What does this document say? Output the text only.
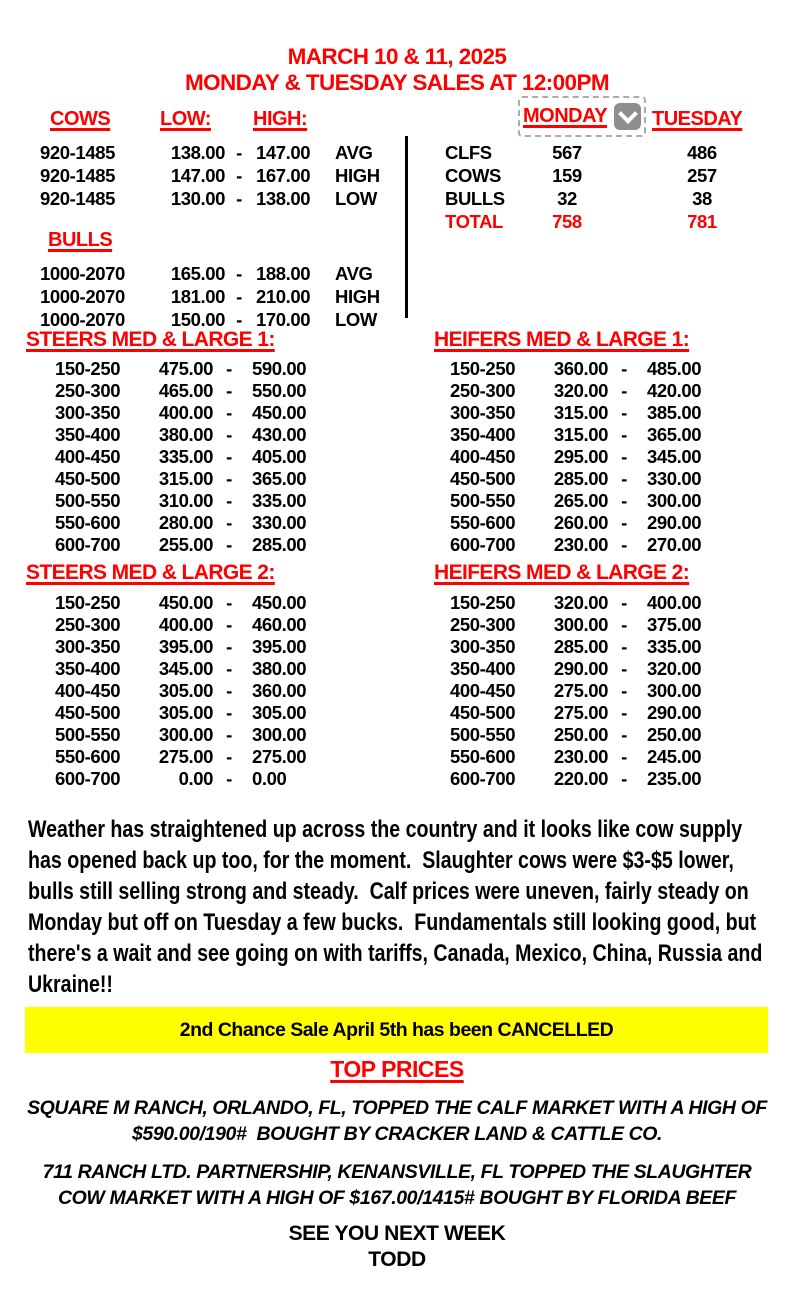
MARCH 10 & 11, 2025
MONDAY & TUESDAY SALES AT 12:00PM
COWS LOW: HIGH:	MONDAY TUESDAY
920-1485	138.00 - 147.00	AVG
920-1485	147.00 - 167.00	HIGH
920-1485	130.00 - 138.00	LOW
CLFS	567	486
COWS	159	257
BULLS	32	38
TOTAL	758	781
BULLS
1000-2070	165.00 - 188.00	AVG
1000-2070	181.00 - 210.00	HIGH
1000-2070	150.00 - 170.00	LOW
STEERS MED & LARGE 1:	HEIFERS MED & LARGE 1:
150-250	475.00 -	590.00
250-300	465.00 -	550.00
300-350	400.00 -	450.00
350-400	380.00 -	430.00
400-450	335.00 -	405.00
450-500	315.00 -	365.00
500-550	310.00 -	335.00
550-600	280.00 -	330.00
600-700	255.00 -	285.00
150-250	360.00 -	485.00
250-300	320.00 -	420.00
300-350	315.00 -	385.00
350-400	315.00 -	365.00
400-450	295.00 -	345.00
450-500	285.00 -	330.00
500-550	265.00 -	300.00
550-600	260.00 -	290.00
600-700	230.00 -	270.00
STEERS MED & LARGE 2:	HEIFERS MED & LARGE 2:
150-250	450.00 -	450.00
250-300	400.00 -	460.00
300-350	395.00 -	395.00
350-400	345.00 -	380.00
400-450	305.00 -	360.00
450-500	305.00 -	305.00
500-550	300.00 -	300.00
550-600	275.00 -	275.00
600-700	0.00 -	0.00
150-250	320.00 -	400.00
250-300	300.00 -	375.00
300-350	285.00 -	335.00
350-400	290.00 -	320.00
400-450	275.00 -	300.00
450-500	275.00 -	290.00
500-550	250.00 -	250.00
550-600	230.00 -	245.00
600-700	220.00 -	235.00
Weather has straightened up across the country and it looks like cow supply has opened back up too, for the moment.  Slaughter cows were $3-$5 lower, bulls still selling strong and steady.  Calf prices were uneven, fairly steady on Monday but off on Tuesday a few bucks.  Fundamentals still looking good, but there's a wait and see going on with tariffs, Canada, Mexico, China, Russia and Ukraine!!
2nd Chance Sale April 5th has been CANCELLED
TOP PRICES
SQUARE M RANCH, ORLANDO, FL, TOPPED THE CALF MARKET WITH A HIGH OF $590.00/190#  BOUGHT BY CRACKER LAND & CATTLE CO.
711 RANCH LTD. PARTNERSHIP, KENANSVILLE, FL TOPPED THE SLAUGHTER COW MARKET WITH A HIGH OF $167.00/1415# BOUGHT BY FLORIDA BEEF
SEE YOU NEXT WEEK
TODD
